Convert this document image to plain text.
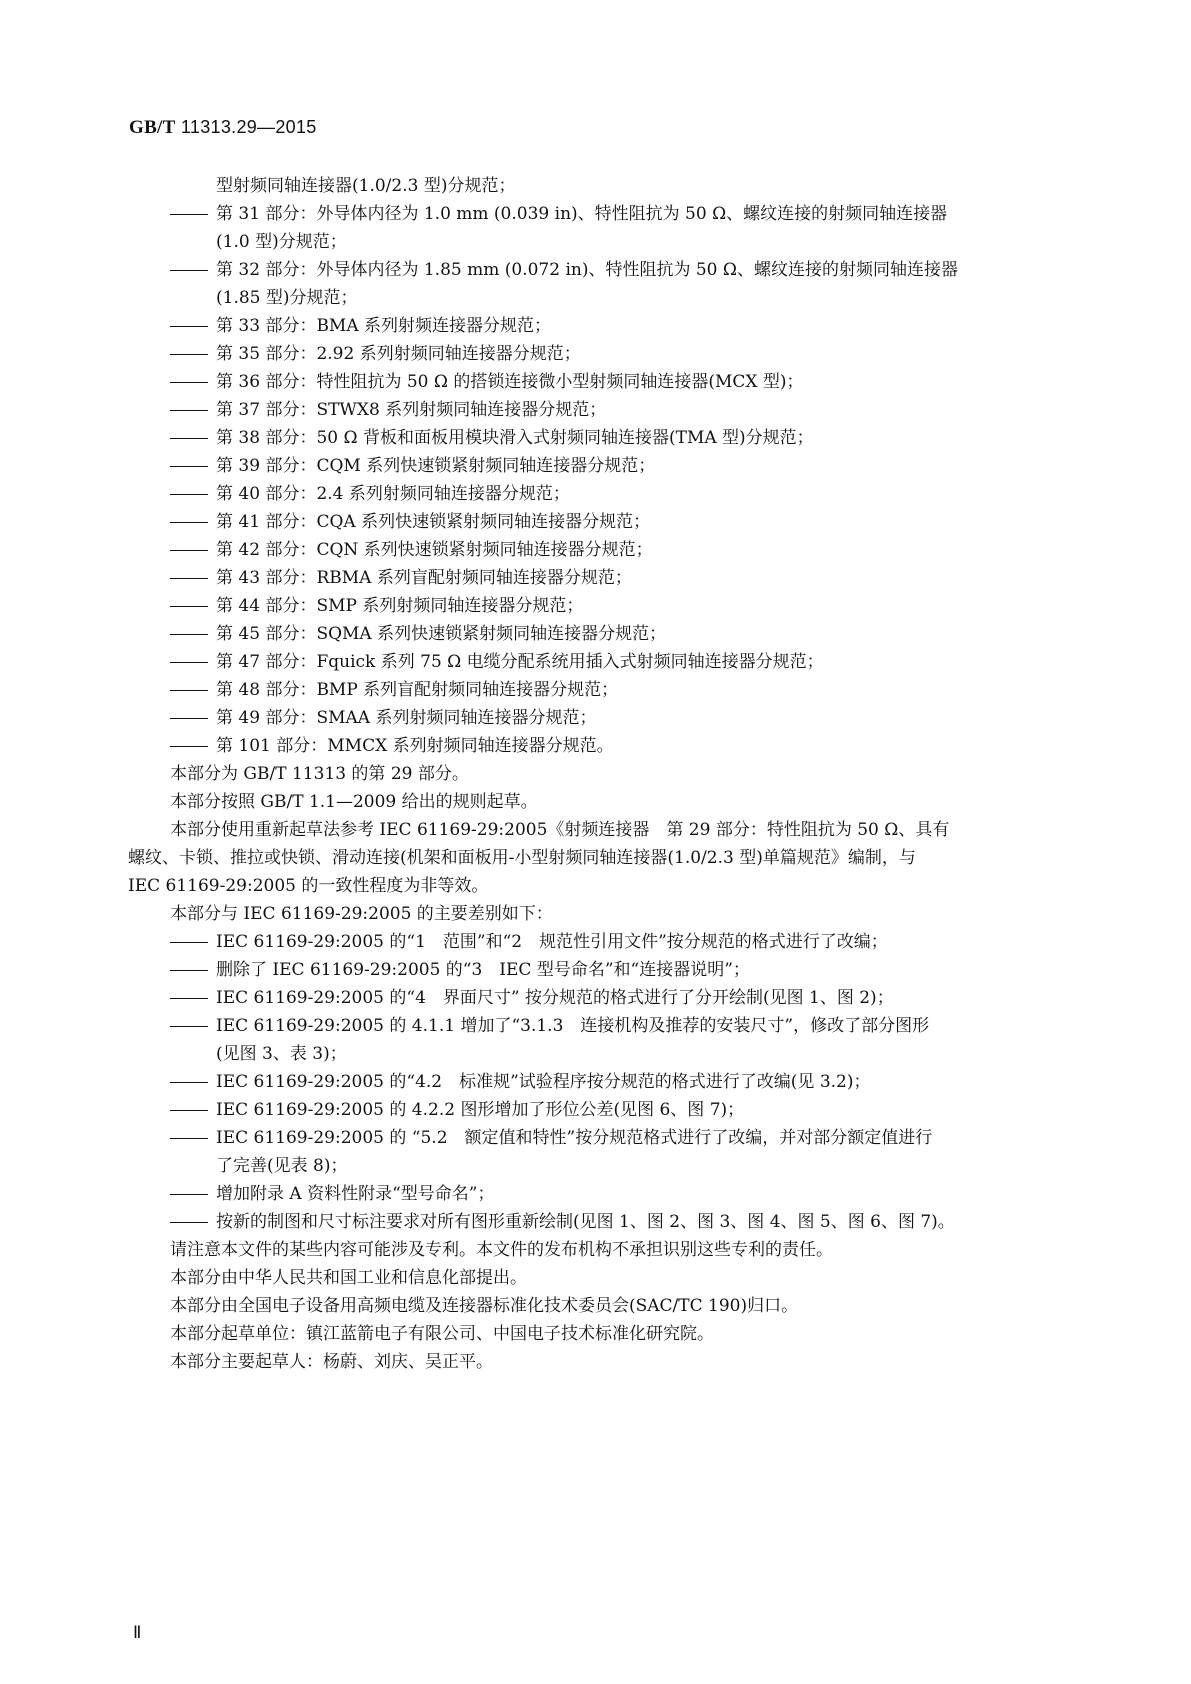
GB/T 11313.29—2015
型射频同轴连接器(1.0/2.3 型)分规范；
第 31 部分：外导体内径为 1.0 mm (0.039 in)、特性阻抗为 50 Ω、螺纹连接的射频同轴连接器
(1.0 型)分规范；
第 32 部分：外导体内径为 1.85 mm (0.072 in)、特性阻抗为 50 Ω、螺纹连接的射频同轴连接器
(1.85 型)分规范；
第 33 部分：BMA 系列射频连接器分规范；
第 35 部分：2.92 系列射频同轴连接器分规范；
第 36 部分：特性阻抗为 50 Ω 的搭锁连接微小型射频同轴连接器(MCX 型)；
第 37 部分：STWX8 系列射频同轴连接器分规范；
第 38 部分：50 Ω 背板和面板用模块滑入式射频同轴连接器(TMA 型)分规范；
第 39 部分：CQM 系列快速锁紧射频同轴连接器分规范；
第 40 部分：2.4 系列射频同轴连接器分规范；
第 41 部分：CQA 系列快速锁紧射频同轴连接器分规范；
第 42 部分：CQN 系列快速锁紧射频同轴连接器分规范；
第 43 部分：RBMA 系列盲配射频同轴连接器分规范；
第 44 部分：SMP 系列射频同轴连接器分规范；
第 45 部分：SQMA 系列快速锁紧射频同轴连接器分规范；
第 47 部分：Fquick 系列 75 Ω 电缆分配系统用插入式射频同轴连接器分规范；
第 48 部分：BMP 系列盲配射频同轴连接器分规范；
第 49 部分：SMAA 系列射频同轴连接器分规范；
第 101 部分：MMCX 系列射频同轴连接器分规范。
本部分为 GB/T 11313 的第 29 部分。
本部分按照 GB/T 1.1—2009 给出的规则起草。
本部分使用重新起草法参考 IEC 61169-29:2005《射频连接器　第 29 部分：特性阻抗为 50 Ω、具有
螺纹、卡锁、推拉或快锁、滑动连接(机架和面板用-小型射频同轴连接器(1.0/2.3 型)单篇规范》编制，与
IEC 61169-29:2005 的一致性程度为非等效。
本部分与 IEC 61169-29:2005 的主要差别如下：
IEC 61169-29:2005 的“1　范围”和“2　规范性引用文件”按分规范的格式进行了改编；
删除了 IEC 61169-29:2005 的“3　IEC 型号命名”和“连接器说明”；
IEC 61169-29:2005 的“4　界面尺寸” 按分规范的格式进行了分开绘制(见图 1、图 2)；
IEC 61169-29:2005 的 4.1.1 增加了“3.1.3　连接机构及推荐的安装尺寸”，修改了部分图形
(见图 3、表 3)；
IEC 61169-29:2005 的“4.2　标准规”试验程序按分规范的格式进行了改编(见 3.2)；
IEC 61169-29:2005 的 4.2.2 图形增加了形位公差(见图 6、图 7)；
IEC 61169-29:2005 的 “5.2　额定值和特性”按分规范格式进行了改编，并对部分额定值进行
了完善(见表 8)；
增加附录 A 资料性附录“型号命名”；
按新的制图和尺寸标注要求对所有图形重新绘制(见图 1、图 2、图 3、图 4、图 5、图 6、图 7)。
请注意本文件的某些内容可能涉及专利。本文件的发布机构不承担识别这些专利的责任。
本部分由中华人民共和国工业和信息化部提出。
本部分由全国电子设备用高频电缆及连接器标准化技术委员会(SAC/TC 190)归口。
本部分起草单位：镇江蓝箭电子有限公司、中国电子技术标准化研究院。
本部分主要起草人：杨蔚、刘庆、吴正平。
Ⅱ
